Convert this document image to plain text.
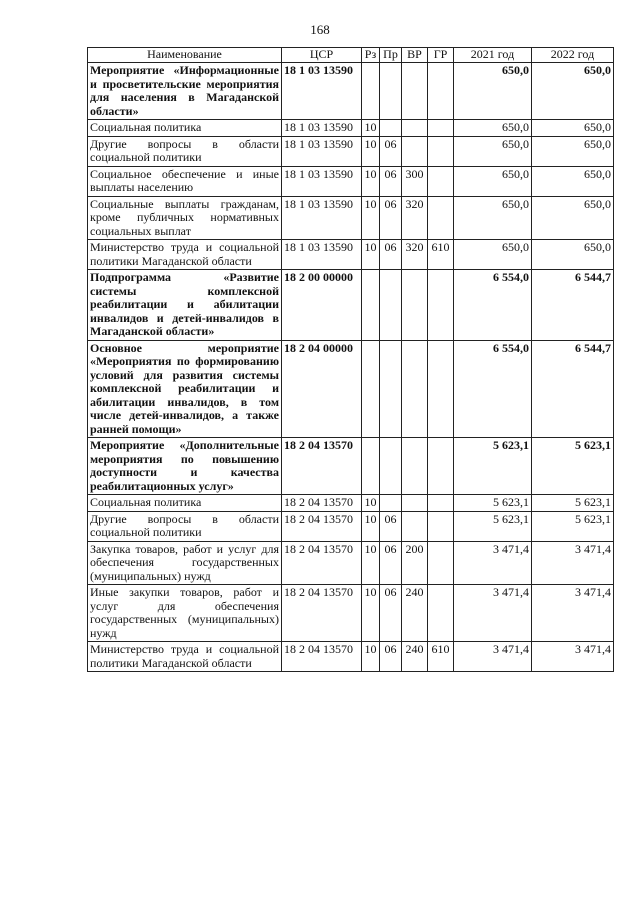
168
Наименование	ЦСР	Рз	Пр	ВР	ГР	2021 год	2022 год
Мероприятие «Информационные и просветительские мероприятия для населения в Магаданской области»	18 1 03 13590					650,0	650,0
Социальная политика	18 1 03 13590	10				650,0	650,0
Другие вопросы в области социальной политики	18 1 03 13590	10	06			650,0	650,0
Социальное обеспечение и иные выплаты населению	18 1 03 13590	10	06	300		650,0	650,0
Социальные выплаты гражданам, кроме публичных нормативных социальных выплат	18 1 03 13590	10	06	320		650,0	650,0
Министерство труда и социальной политики Магаданской области	18 1 03 13590	10	06	320	610	650,0	650,0
Подпрограмма «Развитие системы комплексной реабилитации и абилитации инвалидов и детей-инвалидов в Магаданской области»	18 2 00 00000					6 554,0	6 544,7
Основное мероприятие «Мероприятия по формированию условий для развития системы комплексной реабилитации и абилитации инвалидов, в том числе детей-инвалидов, а также ранней помощи»	18 2 04 00000					6 554,0	6 544,7
Мероприятие «Дополнительные мероприятия по повышению доступности и качества реабилитационных услуг»	18 2 04 13570					5 623,1	5 623,1
Социальная политика	18 2 04 13570	10				5 623,1	5 623,1
Другие вопросы в области социальной политики	18 2 04 13570	10	06			5 623,1	5 623,1
Закупка товаров, работ и услуг для обеспечения государственных (муниципальных) нужд	18 2 04 13570	10	06	200		3 471,4	3 471,4
Иные закупки товаров, работ и услуг для обеспечения государственных (муниципальных) нужд	18 2 04 13570	10	06	240		3 471,4	3 471,4
Министерство труда и социальной политики Магаданской области	18 2 04 13570	10	06	240	610	3 471,4	3 471,4
